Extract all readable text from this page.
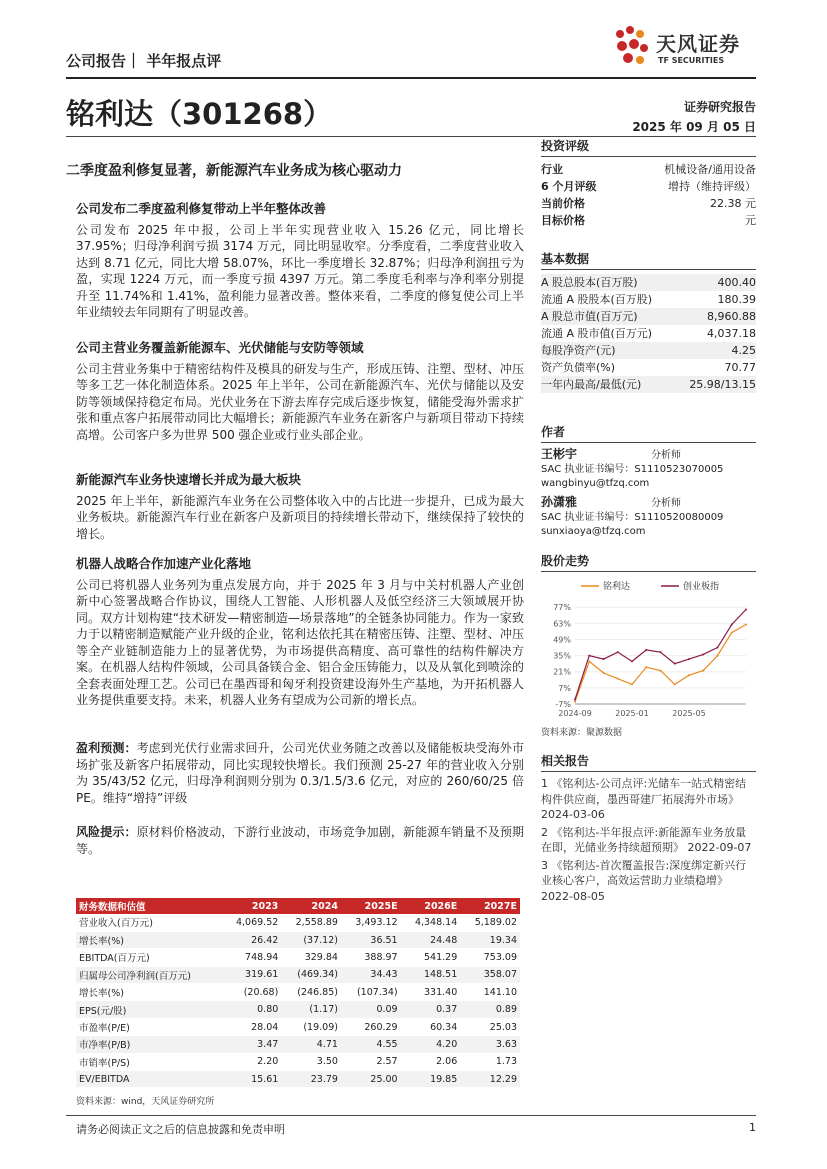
公司报告｜ 半年报点评
天风证券
TF SECURITIES
铭利达（301268）	证券研究报告
2025 年 09 月 05 日
二季度盈利修复显著，新能源汽车业务成为核心驱动力
公司发布二季度盈利修复带动上半年整体改善
公司发布 2025 年中报，公司上半年实现营业收入 15.26 亿元，同比增长 37.95%；归母净利润亏损 3174 万元，同比明显收窄。分季度看，二季度营业收入达到 8.71 亿元，同比大增 58.07%，环比一季度增长 32.87%；归母净利润扭亏为盈，实现 1224 万元，而一季度亏损 4397 万元。第二季度毛利率与净利率分别提升至 11.74%和 1.41%，盈利能力显著改善。整体来看，二季度的修复使公司上半年业绩较去年同期有了明显改善。
公司主营业务覆盖新能源车、光伏储能与安防等领域
公司主营业务集中于精密结构件及模具的研发与生产，形成压铸、注塑、型材、冲压等多工艺一体化制造体系。2025 年上半年，公司在新能源汽车、光伏与储能以及安防等领域保持稳定布局。光伏业务在下游去库存完成后逐步恢复，储能受海外需求扩张和重点客户拓展带动同比大幅增长；新能源汽车业务在新客户与新项目带动下持续高增。公司客户多为世界 500 强企业或行业头部企业。
新能源汽车业务快速增长并成为最大板块
2025 年上半年，新能源汽车业务在公司整体收入中的占比进一步提升，已成为最大业务板块。新能源汽车行业在新客户及新项目的持续增长带动下，继续保持了较快的增长。
机器人战略合作加速产业化落地
公司已将机器人业务列为重点发展方向，并于 2025 年 3 月与中关村机器人产业创新中心签署战略合作协议，围绕人工智能、人形机器人及低空经济三大领域展开协同。双方计划构建“技术研发—精密制造—场景落地”的全链条协同能力。作为一家致力于以精密制造赋能产业升级的企业，铭利达依托其在精密压铸、注塑、型材、冲压等全产业链制造能力上的显著优势，为市场提供高精度、高可靠性的结构件解决方案。在机器人结构件领域，公司具备镁合金、铝合金压铸能力，以及从氧化到喷涂的全套表面处理工艺。公司已在墨西哥和匈牙利投资建设海外生产基地，为开拓机器人业务提供重要支持。未来，机器人业务有望成为公司新的增长点。
盈利预测：考虑到光伏行业需求回升，公司光伏业务随之改善以及储能板块受海外市场扩张及新客户拓展带动，同比实现较快增长。我们预测 25-27 年的营业收入分别为 35/43/52 亿元，归母净利润则分别为 0.3/1.5/3.6 亿元，对应的 260/60/25 倍 PE。维持“增持”评级
风险提示：原材料价格波动，下游行业波动，市场竞争加剧，新能源车销量不及预期等。
财务数据和估值	2023	2024	2025E	2026E	2027E
营业收入(百万元)	4,069.52	2,558.89	3,493.12	4,348.14	5,189.02
增长率(%)	26.42	(37.12)	36.51	24.48	19.34
EBITDA(百万元)	748.94	329.84	388.97	541.29	753.09
归属母公司净利润(百万元)	319.61	(469.34)	34.43	148.51	358.07
增长率(%)	(20.68)	(246.85)	(107.34)	331.40	141.10
EPS(元/股)	0.80	(1.17)	0.09	0.37	0.89
市盈率(P/E)	28.04	(19.09)	260.29	60.34	25.03
市净率(P/B)	3.47	4.71	4.55	4.20	3.63
市销率(P/S)	2.20	3.50	2.57	2.06	1.73
EV/EBITDA	15.61	23.79	25.00	19.85	12.29
资料来源：wind，天风证券研究所
投资评级
行业	机械设备/通用设备
6 个月评级	增持（维持评级）
当前价格	22.38 元
目标价格	元
基本数据
A 股总股本(百万股)	400.40
流通 A 股股本(百万股)	180.39
A 股总市值(百万元)	8,960.88
流通 A 股市值(百万元)	4,037.18
每股净资产(元)	4.25
资产负债率(%)	70.77
一年内最高/最低(元)	25.98/13.15
作者
王彬宇	分析师
SAC 执业证书编号：S1110523070005
wangbinyu@tfzq.com
孙潇雅	分析师
SAC 执业证书编号：S1110520080009
sunxiaoya@tfzq.com
股价走势
77%
63%
49%
35%
21%
7%
-7%
2024-09	2025-01	2025-05
铭利达	创业板指
资料来源：聚源数据
相关报告
1 《铭利达-公司点评:光储车一站式精密结构件供应商，墨西哥建厂拓展海外市场》 2024-03-06
2 《铭利达-半年报点评:新能源车业务放量在即，光储业务持续超预期》 2022-09-07
3 《铭利达-首次覆盖报告:深度绑定新兴行业核心客户，高效运营助力业绩稳增》 2022-08-05
请务必阅读正文之后的信息披露和免责申明	1
